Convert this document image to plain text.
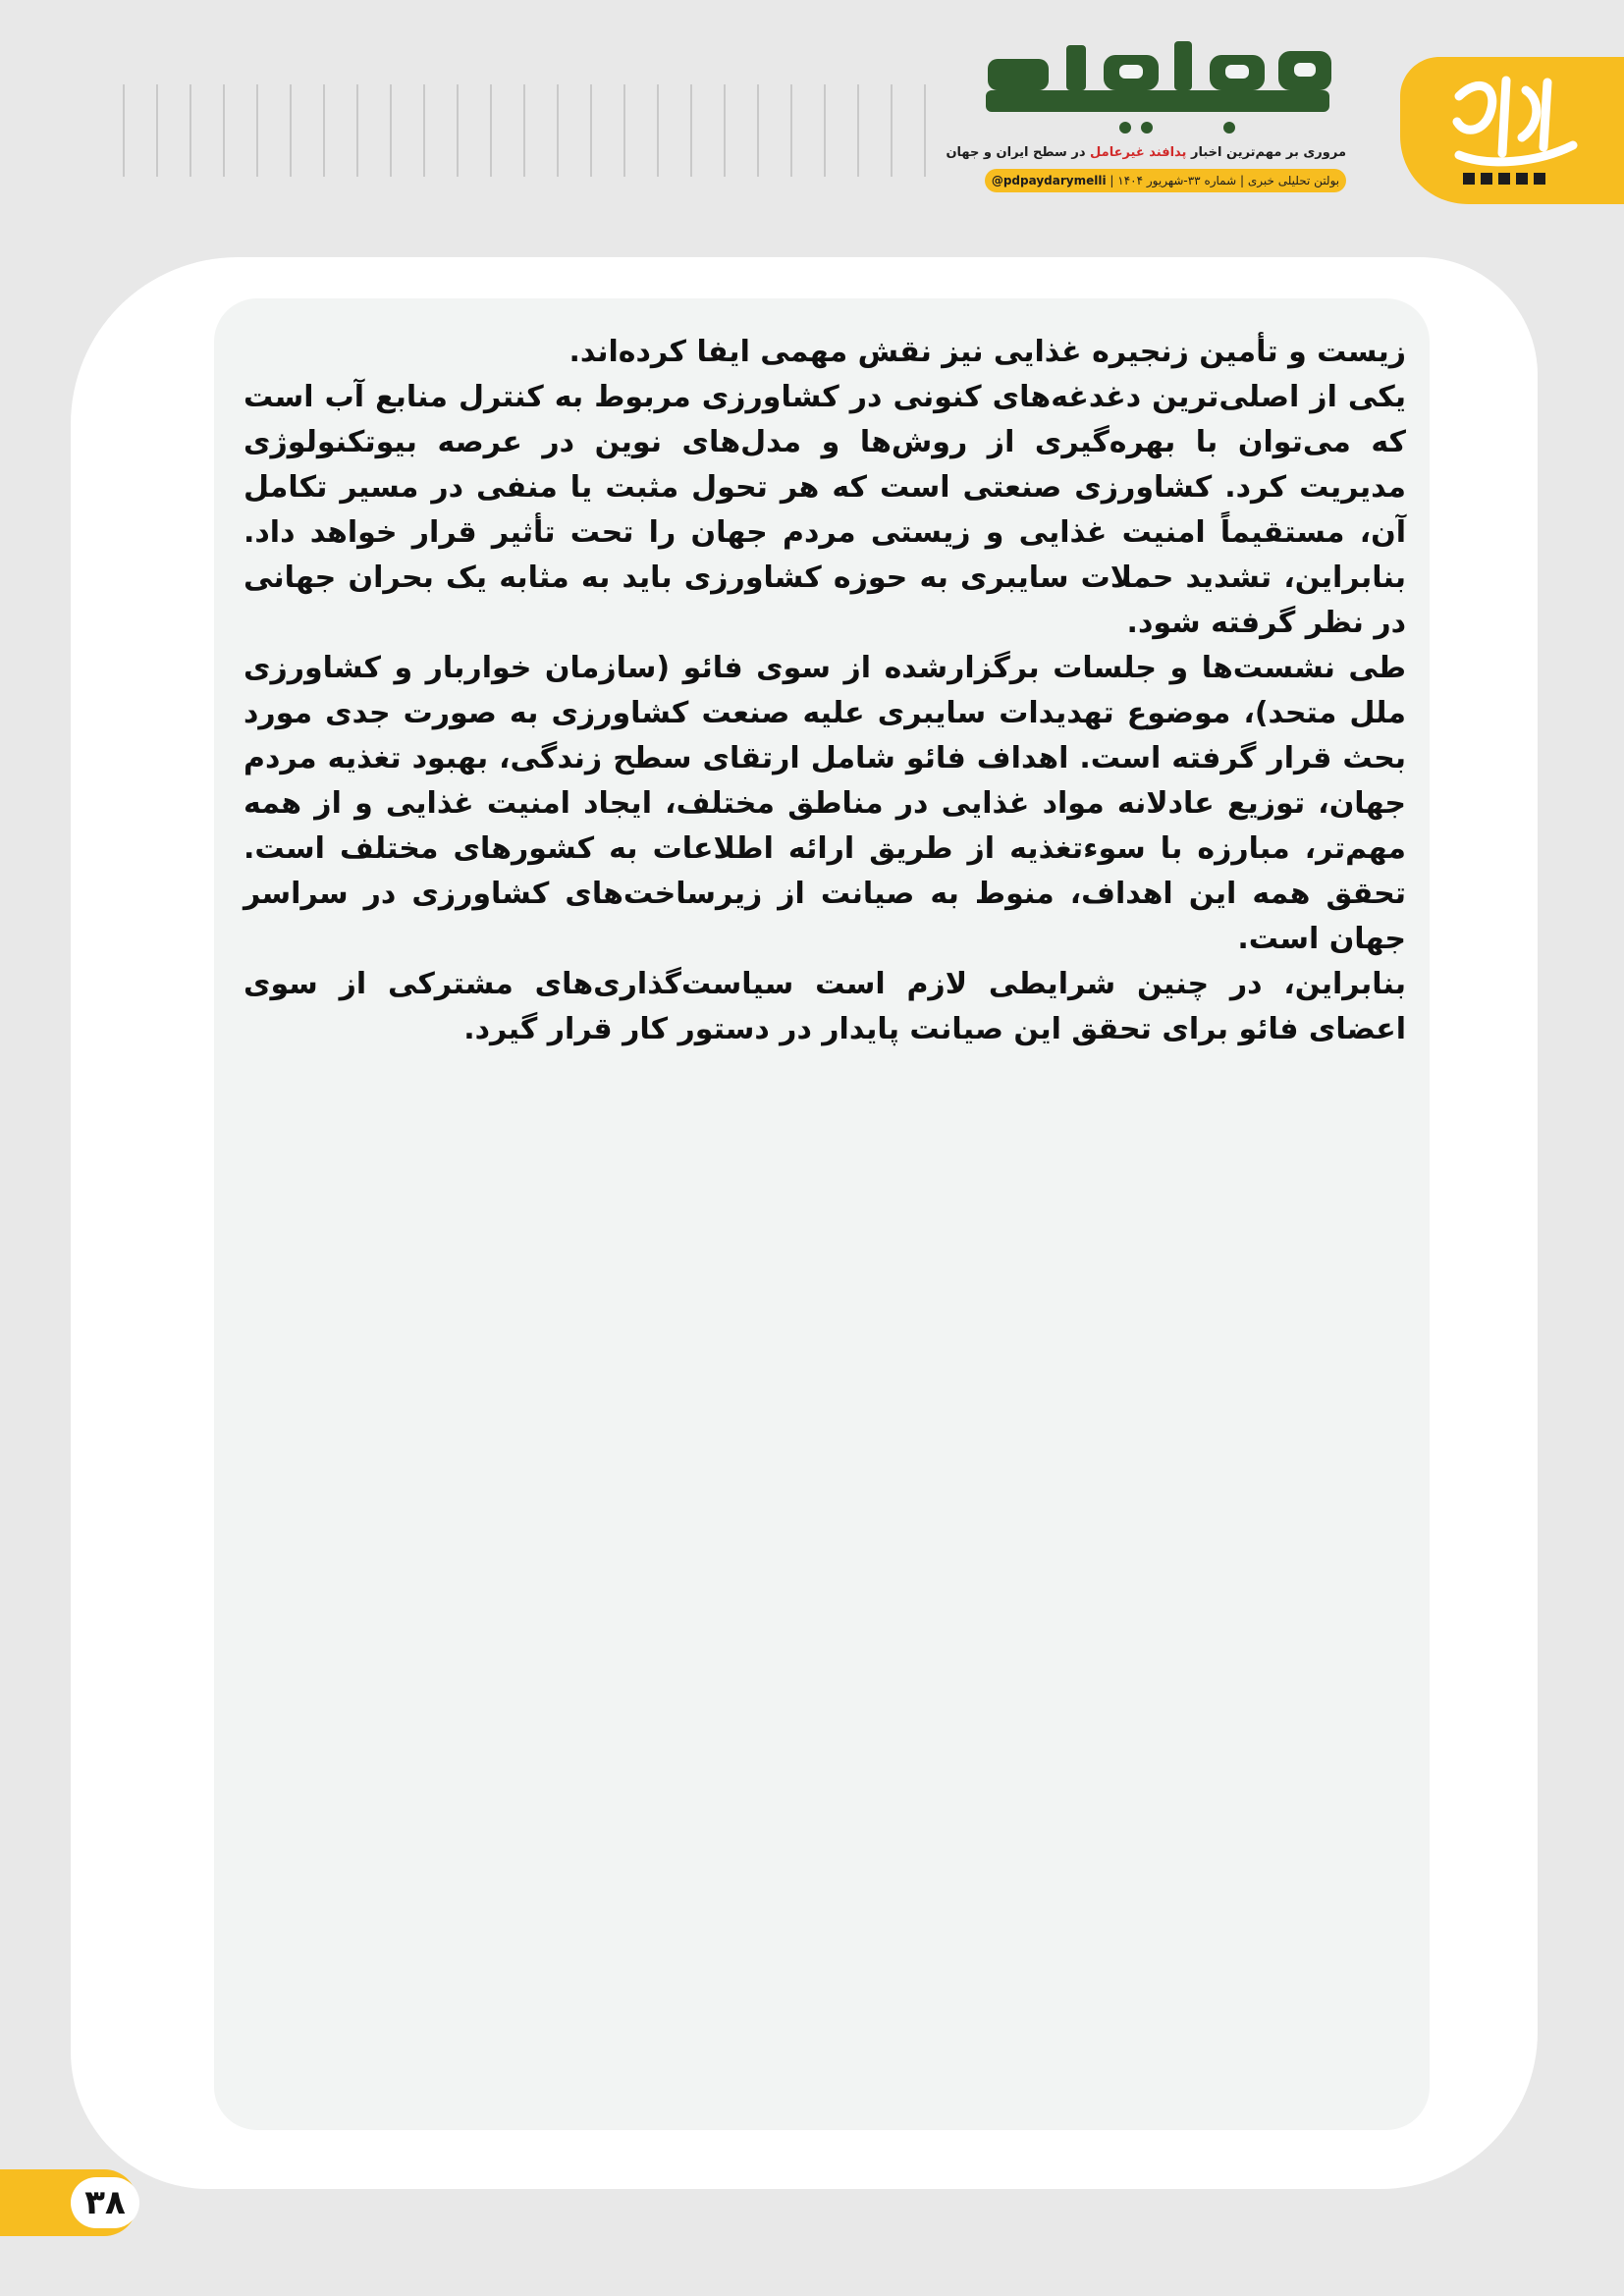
مروری بر مهم‌ترین اخبار پدافند غیرعامل در سطح ایران و جهان
بولتن تحلیلی خبری | شماره ۳۳-شهریور ۱۴۰۴ | @pdpaydarymelli

زیست و تأمین زنجیره غذایی نیز نقش مهمی ایفا کرده‌اند.

یکی از اصلی‌ترین دغدغه‌های کنونی در کشاورزی مربوط به کنترل منابع آب است که می‌توان با بهره‌گیری از روش‌ها و مدل‌های نوین در عرصه بیوتکنولوژی مدیریت کرد. کشاورزی صنعتی است که هر تحول مثبت یا منفی در مسیر تکامل آن، مستقیماً امنیت غذایی و زیستی مردم جهان را تحت تأثیر قرار خواهد داد. بنابراین، تشدید حملات سایبری به حوزه کشاورزی باید به مثابه یک بحران جهانی در نظر گرفته شود.

طی نشست‌ها و جلسات برگزارشده از سوی فائو (سازمان خواربار و کشاورزی ملل متحد)، موضوع تهدیدات سایبری علیه صنعت کشاورزی به صورت جدی مورد بحث قرار گرفته است. اهداف فائو شامل ارتقای سطح زندگی، بهبود تغذیه مردم جهان، توزیع عادلانه مواد غذایی در مناطق مختلف، ایجاد امنیت غذایی و از همه مهم‌تر، مبارزه با سوءتغذیه از طریق ارائه اطلاعات به کشورهای مختلف است. تحقق همه این اهداف، منوط به صیانت از زیرساخت‌های کشاورزی در سراسر جهان است.

بنابراین، در چنین شرایطی لازم است سیاست‌گذاری‌های مشترکی از سوی اعضای فائو برای تحقق این صیانت پایدار در دستور کار قرار گیرد.

۳۸
